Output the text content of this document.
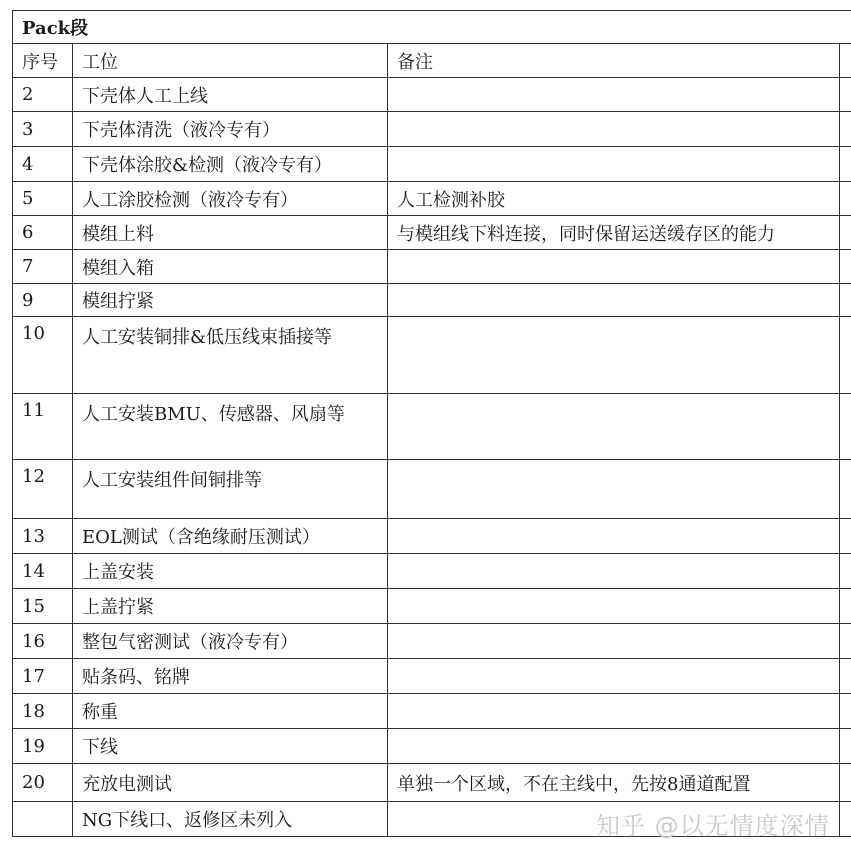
Pack段			
序号	工位	备注	
2	下壳体人工上线		
3	下壳体清洗（液冷专有）		
4	下壳体涂胶&检测（液冷专有）		
5	人工涂胶检测（液冷专有）	人工检测补胶	
6	模组上料	与模组线下料连接，同时保留运送缓存区的能力	
7	模组入箱		
9	模组拧紧		
10	人工安装铜排&低压线束插接等		
11	人工安装BMU、传感器、风扇等		
12	人工安装组件间铜排等		
13	EOL测试（含绝缘耐压测试）		
14	上盖安装		
15	上盖拧紧		
16	整包气密测试（液冷专有）		
17	贴条码、铭牌		
18	称重		
19	下线		
20	充放电测试	单独一个区域，不在主线中，先按8通道配置	
	NG下线口、返修区未列入			知乎 @以无情度深情
